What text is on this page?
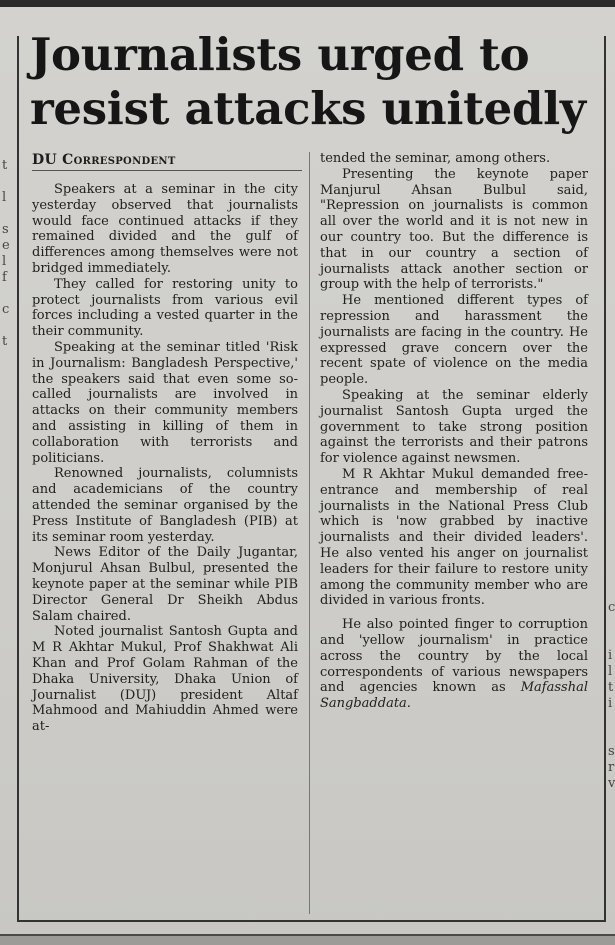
t

l

s
e
l
f

c

t
c

i
l
t
i

s
r
v
Journalists urged to resist attacks unitedly
DU Correspondent

Speakers at a seminar in the city yesterday observed that journalists would face continued attacks if they remained divided and the gulf of differences among themselves were not bridged immediately.

They called for restoring unity to protect journalists from various evil forces including a vested quarter in the their community.

Speaking at the seminar titled 'Risk in Journalism: Bangladesh Perspective,' the speakers said that even some so-called journalists are involved in attacks on their community members and assisting in killing of them in collaboration with terrorists and politicians.

Renowned journalists, columnists and academicians of the country attended the seminar organised by the Press Institute of Bangladesh (PIB) at its seminar room yesterday.

News Editor of the Daily Jugantar, Monjurul Ahsan Bulbul, presented the keynote paper at the seminar while PIB Director General Dr Sheikh Abdus Salam chaired.

Noted journalist Santosh Gupta and M R Akhtar Mukul, Prof Shakhwat Ali Khan and Prof Golam Rahman of the Dhaka University, Dhaka Union of Journalist (DUJ) president Altaf Mahmood and Mahiuddin Ahmed were at-

tended the seminar, among others.

Presenting the keynote paper Manjurul Ahsan Bulbul said, "Repression on journalists is common all over the world and it is not new in our country too. But the difference is that in our country a section of journalists attack another section or group with the help of terrorists."

He mentioned different types of repression and harassment the journalists are facing in the country. He expressed grave concern over the recent spate of violence on the media people.

Speaking at the seminar elderly journalist Santosh Gupta urged the government to take strong position against the terrorists and their patrons for violence against newsmen.

M R Akhtar Mukul demanded free-entrance and membership of real journalists in the National Press Club which is 'now grabbed by inactive journalists and their divided leaders'. He also vented his anger on journalist leaders for their failure to restore unity among the community member who are divided in various fronts.

He also pointed finger to corruption and 'yellow journalism' in practice across the country by the local correspondents of various newspapers and agencies known as Mafasshal Sangbaddata.
